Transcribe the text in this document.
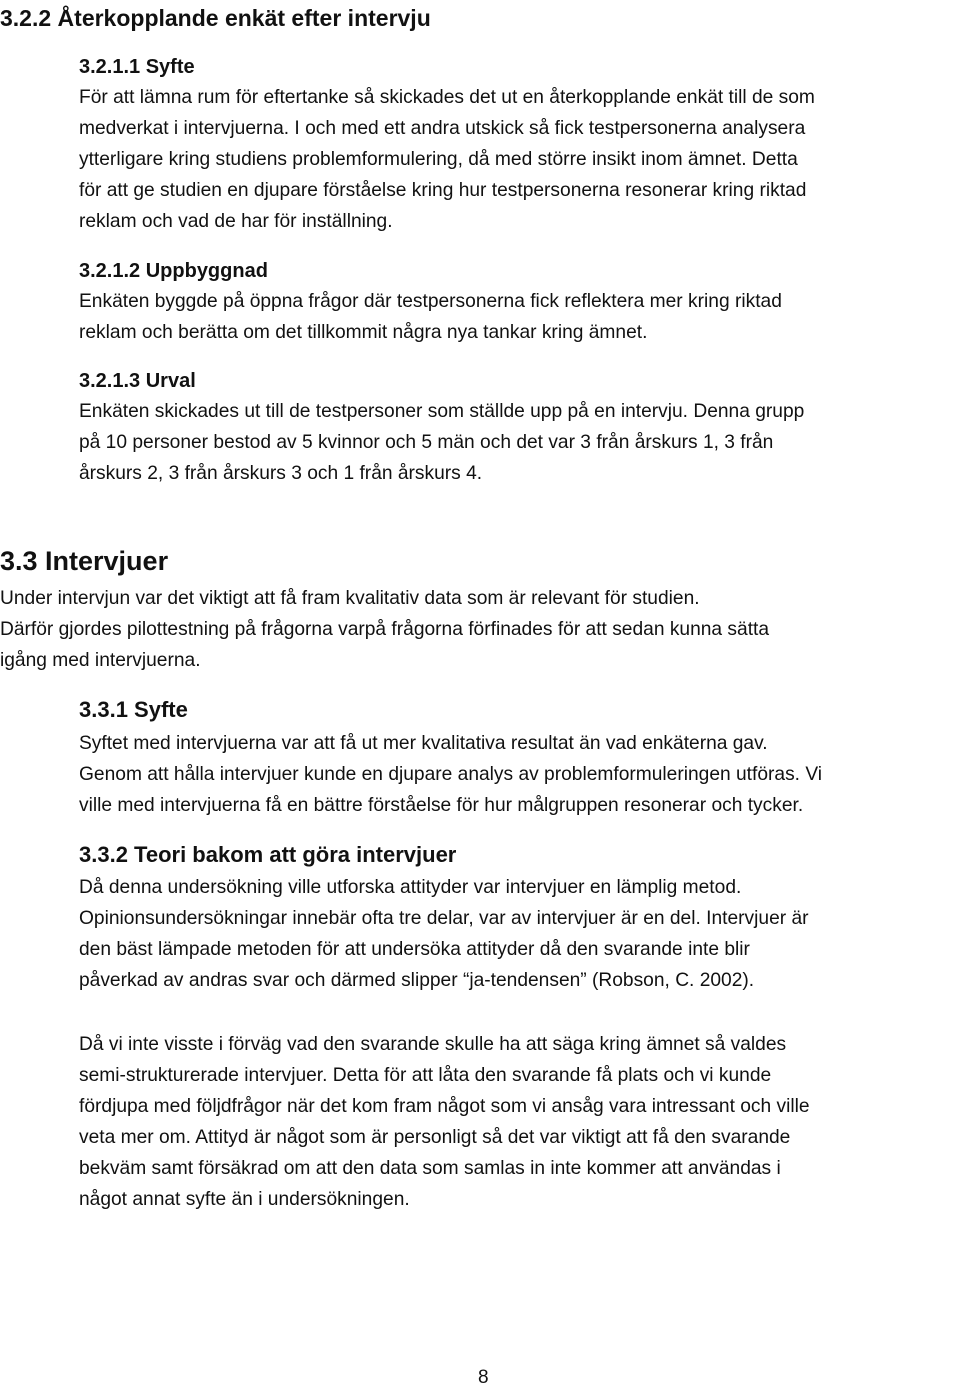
3.2.2 Återkopplande enkät efter intervju
3.2.1.1 Syfte
För att lämna rum för eftertanke så skickades det ut en återkopplande enkät till de som
medverkat i intervjuerna. I och med ett andra utskick så fick testpersonerna analysera
ytterligare kring studiens problemformulering, då med större insikt inom ämnet. Detta
för att ge studien en djupare förståelse kring hur testpersonerna resonerar kring riktad
reklam och vad de har för inställning.
3.2.1.2 Uppbyggnad
Enkäten byggde på öppna frågor där testpersonerna fick reflektera mer kring riktad
reklam och berätta om det tillkommit några nya tankar kring ämnet.
3.2.1.3 Urval
Enkäten skickades ut till de testpersoner som ställde upp på en intervju. Denna grupp
på 10 personer bestod av 5 kvinnor och 5 män och det var 3 från årskurs 1, 3 från
årskurs 2, 3 från årskurs 3 och 1 från årskurs 4.
3.3 Intervjuer
Under intervjun var det viktigt att få fram kvalitativ data som är relevant för studien.
Därför gjordes pilottestning på frågorna varpå frågorna förfinades för att sedan kunna sätta
igång med intervjuerna.
3.3.1 Syfte
Syftet med intervjuerna var att få ut mer kvalitativa resultat än vad enkäterna gav.
Genom att hålla intervjuer kunde en djupare analys av problemformuleringen utföras. Vi
ville med intervjuerna få en bättre förståelse för hur målgruppen resonerar och tycker.
3.3.2 Teori bakom att göra intervjuer
Då denna undersökning ville utforska attityder var intervjuer en lämplig metod.
Opinionsundersökningar innebär ofta tre delar, var av intervjuer är en del. Intervjuer är
den bäst lämpade metoden för att undersöka attityder då den svarande inte blir
påverkad av andras svar och därmed slipper “ja-tendensen” (Robson, C. 2002).
Då vi inte visste i förväg vad den svarande skulle ha att säga kring ämnet så valdes
semi-strukturerade intervjuer. Detta för att låta den svarande få plats och vi kunde
fördjupa med följdfrågor när det kom fram något som vi ansåg vara intressant och ville
veta mer om. Attityd är något som är personligt så det var viktigt att få den svarande
bekväm samt försäkrad om att den data som samlas in inte kommer att användas i
något annat syfte än i undersökningen.
8
